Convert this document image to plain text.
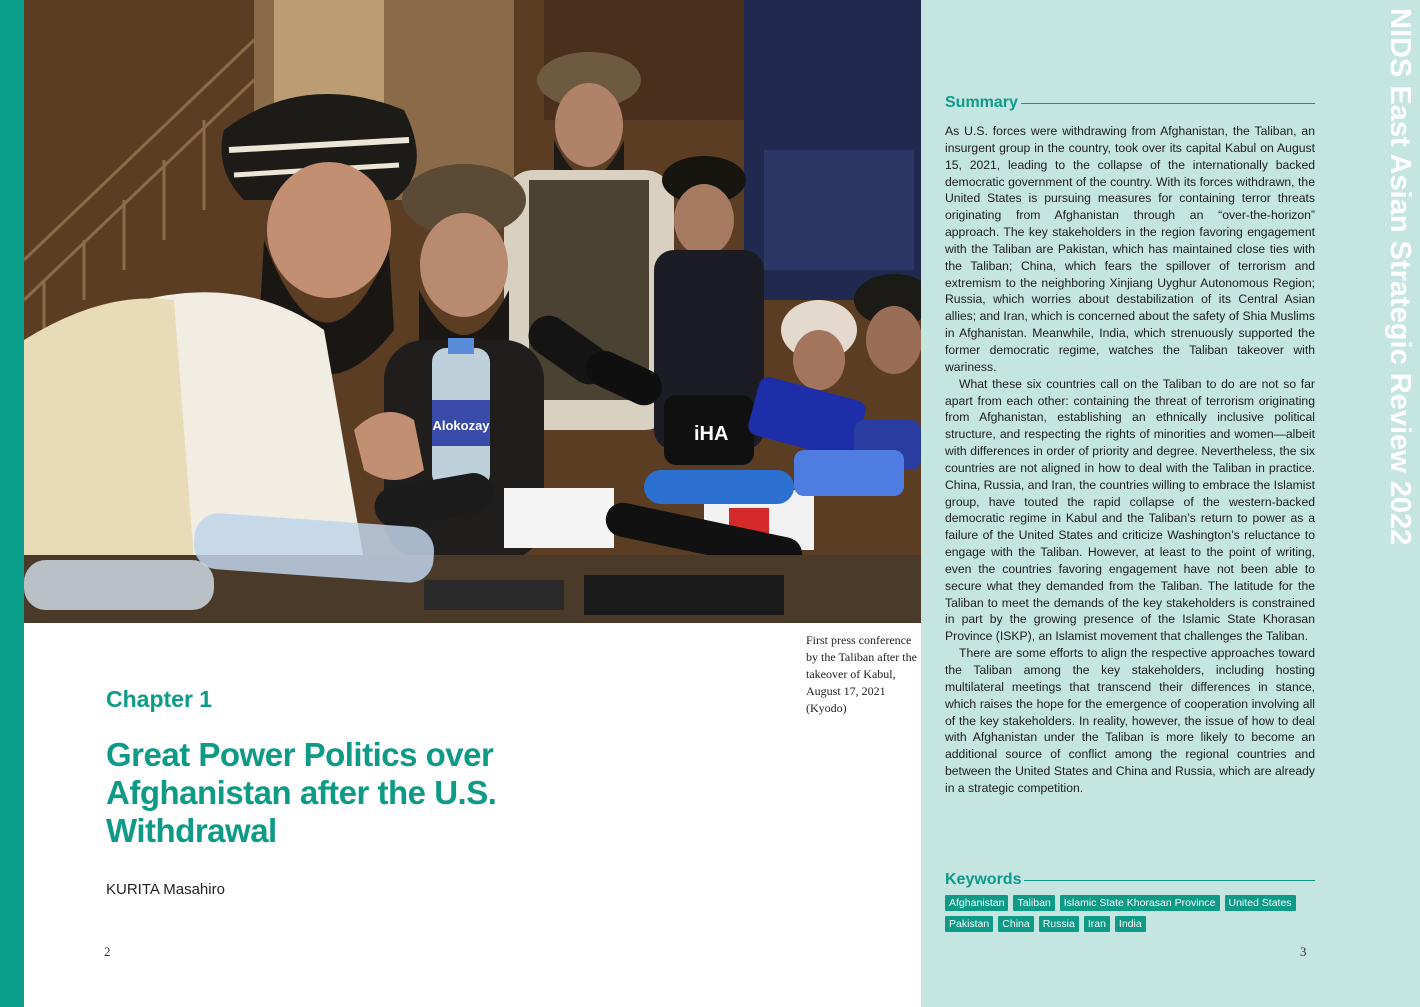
Alokozay	iHA
First press conference by the Taliban after the takeover of Kabul, August 17, 2021 (Kyodo)
Chapter 1
Great Power Politics over Afghanistan after the U.S. Withdrawal
KURITA Masahiro
2
NIDS East Asian Strategic Review 2022
Summary

As U.S. forces were withdrawing from Afghanistan, the Taliban, an insurgent group in the country, took over its capital Kabul on August 15, 2021, leading to the collapse of the internationally backed democratic government of the country. With its forces withdrawn, the United States is pursuing measures for containing terror threats originating from Afghanistan through an “over-the-horizon” approach. The key stakeholders in the region favoring engagement with the Taliban are Pakistan, which has maintained close ties with the Taliban; China, which fears the spillover of terrorism and extremism to the neighboring Xinjiang Uyghur Autonomous Region; Russia, which worries about destabilization of its Central Asian allies; and Iran, which is concerned about the safety of Shia Muslims in Afghanistan. Meanwhile, India, which strenuously supported the former democratic regime, watches the Taliban takeover with wariness.

What these six countries call on the Taliban to do are not so far apart from each other: containing the threat of terrorism originating from Afghanistan, establishing an ethnically inclusive political structure, and respecting the rights of minorities and women—albeit with differences in order of priority and degree. Nevertheless, the six countries are not aligned in how to deal with the Taliban in practice. China, Russia, and Iran, the countries willing to embrace the Islamist group, have touted the rapid collapse of the western-backed democratic regime in Kabul and the Taliban’s return to power as a failure of the United States and criticize Washington’s reluctance to engage with the Taliban. However, at least to the point of writing, even the countries favoring engagement have not been able to secure what they demanded from the Taliban. The latitude for the Taliban to meet the demands of the key stakeholders is constrained in part by the growing presence of the Islamic State Khorasan Province (ISKP), an Islamist movement that challenges the Taliban.

There are some efforts to align the respective approaches toward the Taliban among the key stakeholders, including hosting multilateral meetings that transcend their differences in stance, which raises the hope for the emergence of cooperation involving all of the key stakeholders. In reality, however, the issue of how to deal with Afghanistan under the Taliban is more likely to become an additional source of conflict among the regional countries and between the United States and China and Russia, which are already in a strategic competition.

Keywords
Afghanistan	Taliban	Islamic State Khorasan Province	United States
Pakistan	China	Russia	Iran	India
3
